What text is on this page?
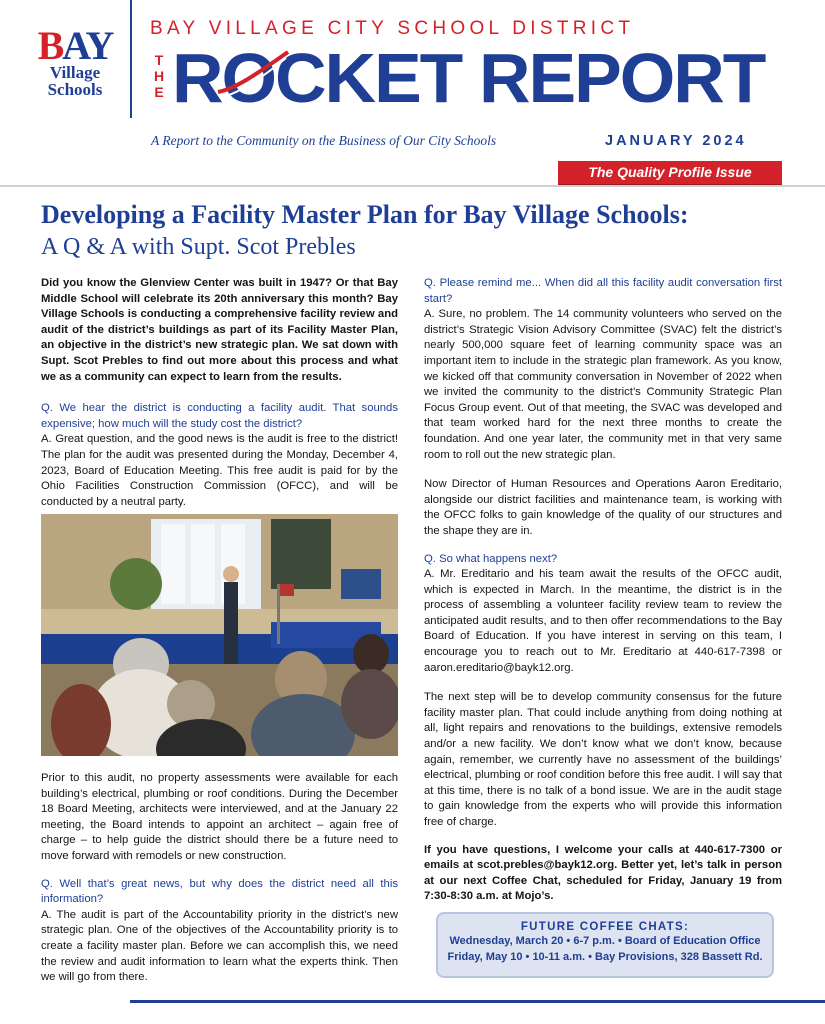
BAY
Village
Schools
BAY VILLAGE CITY SCHOOL DISTRICT
T
H
E ROCKET REPORT
A Report to the Community on the Business of Our City Schools	JANUARY 2024
The Quality Profile Issue
Developing a Facility Master Plan for Bay Village Schools:
A Q & A with Supt. Scot Prebles

Did you know the Glenview Center was built in 1947? Or that Bay Middle School will celebrate its 20th anniversary this month? Bay Village Schools is conducting a comprehensive facility review and audit of the district’s buildings as part of its Facility Master Plan, an objective in the district’s new strategic plan. We sat down with Supt. Scot Prebles to find out more about this process and what we as a community can expect to learn from the results.

Q. We hear the district is conducting a facility audit. That sounds expensive; how much will the study cost the district?

A. Great question, and the good news is the audit is free to the district! The plan for the audit was presented during the Monday, December 4, 2023, Board of Education Meeting. This free audit is paid for by the Ohio Facilities Construction Commission (OFCC), and will be conducted by a neutral party.

Prior to this audit, no property assessments were available for each building’s electrical, plumbing or roof conditions. During the December 18 Board Meeting, architects were interviewed, and at the January 22 meeting, the Board intends to appoint an architect – again free of charge – to help guide the district should there be a future need to move forward with remodels or new construction.

Q. Well that’s great news, but why does the district need all this information?

A. The audit is part of the Accountability priority in the district’s new strategic plan. One of the objectives of the Accountability priority is to create a facility master plan. Before we can accomplish this, we need the review and audit information to learn what the experts think. Then we will go from there.

Q. Please remind me... When did all this facility audit conversation first start?

A. Sure, no problem. The 14 community volunteers who served on the district’s Strategic Vision Advisory Committee (SVAC) felt the district’s nearly 500,000 square feet of learning community space was an important item to include in the strategic plan framework. As you know, we kicked off that community conversation in November of 2022 when we invited the community to the district’s Community Strategic Plan Focus Group event. Out of that meeting, the SVAC was developed and that team worked hard for the next three months to create the foundation. And one year later, the community met in that very same room to roll out the new strategic plan.

Now Director of Human Resources and Operations Aaron Ereditario, alongside our district facilities and maintenance team, is working with the OFCC folks to gain knowledge of the quality of our structures and the shape they are in.

Q. So what happens next?

A. Mr. Ereditario and his team await the results of the OFCC audit, which is expected in March. In the meantime, the district is in the process of assembling a volunteer facility review team to review the anticipated audit results, and to then offer recommendations to the Bay Board of Education. If you have interest in serving on this team, I encourage you to reach out to Mr. Ereditario at 440-617-7398 or aaron.ereditario@bayk12.org.

The next step will be to develop community consensus for the future facility master plan. That could include anything from doing nothing at all, light repairs and renovations to the buildings, extensive remodels and/or a new facility. We don’t know what we don’t know, because again, remember, we currently have no assessment of the buildings’ electrical, plumbing or roof condition before this free audit. I will say that at this time, there is no talk of a bond issue. We are in the audit stage to gain knowledge from the experts who will provide this information free of charge.

If you have questions, I welcome your calls at 440-617-7300 or emails at scot.prebles@bayk12.org. Better yet, let’s talk in person at our next Coffee Chat, scheduled for Friday, January 19 from 7:30-8:30 a.m. at Mojo’s.

FUTURE COFFEE CHATS:
Wednesday, March 20 • 6-7 p.m. • Board of Education Office
Friday, May 10 • 10-11 a.m. • Bay Provisions, 328 Bassett Rd.
